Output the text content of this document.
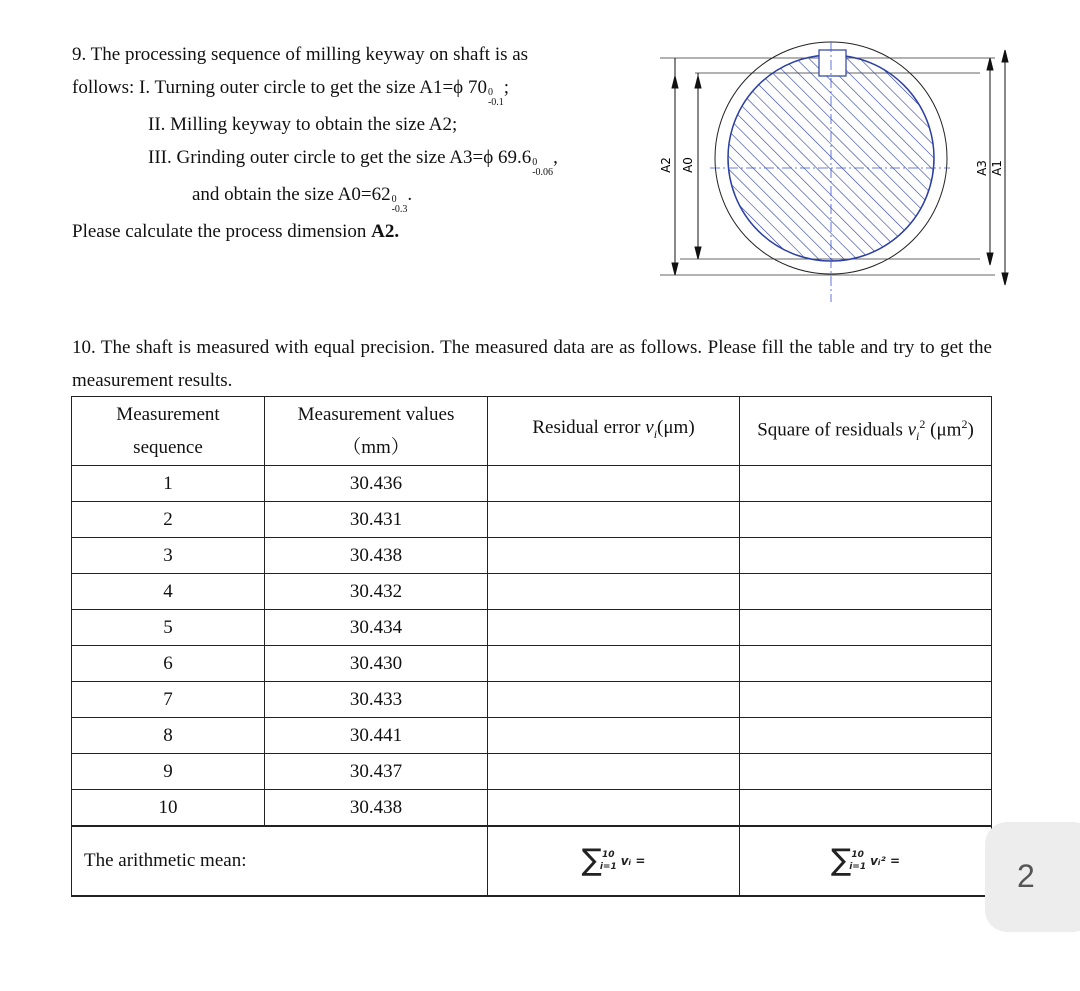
9. The processing sequence of milling keyway on shaft is as

follows: I. Turning outer circle to get the size A1=ϕ 70 0
-0.1
;

II. Milling keyway to obtain the size A2;

III. Grinding outer circle to get the size A3=ϕ 69.6 0
-0.06
,

and obtain the size A0=62 0
-0.3
.

Please calculate the process dimension A2.

A2 A0	A3 A1

10. The shaft is measured with equal precision. The measured data are as follows. Please fill the table and try to get the measurement results.

Measurement
sequence	Measurement values
（mm）	Residual error $v_i(\mu m)$	Square of residuals $v_i^2$ $(\mu m^2)$
1	30.436		
2	30.431		
3	30.438		
4	30.432		
5	30.434		
6	30.430		
7	30.433		
8	30.441		
9	30.437		
10	30.438		
The arithmetic mean:		∑ 10
i=1 vᵢ =	∑ 10
i=1 vᵢ² =	2
